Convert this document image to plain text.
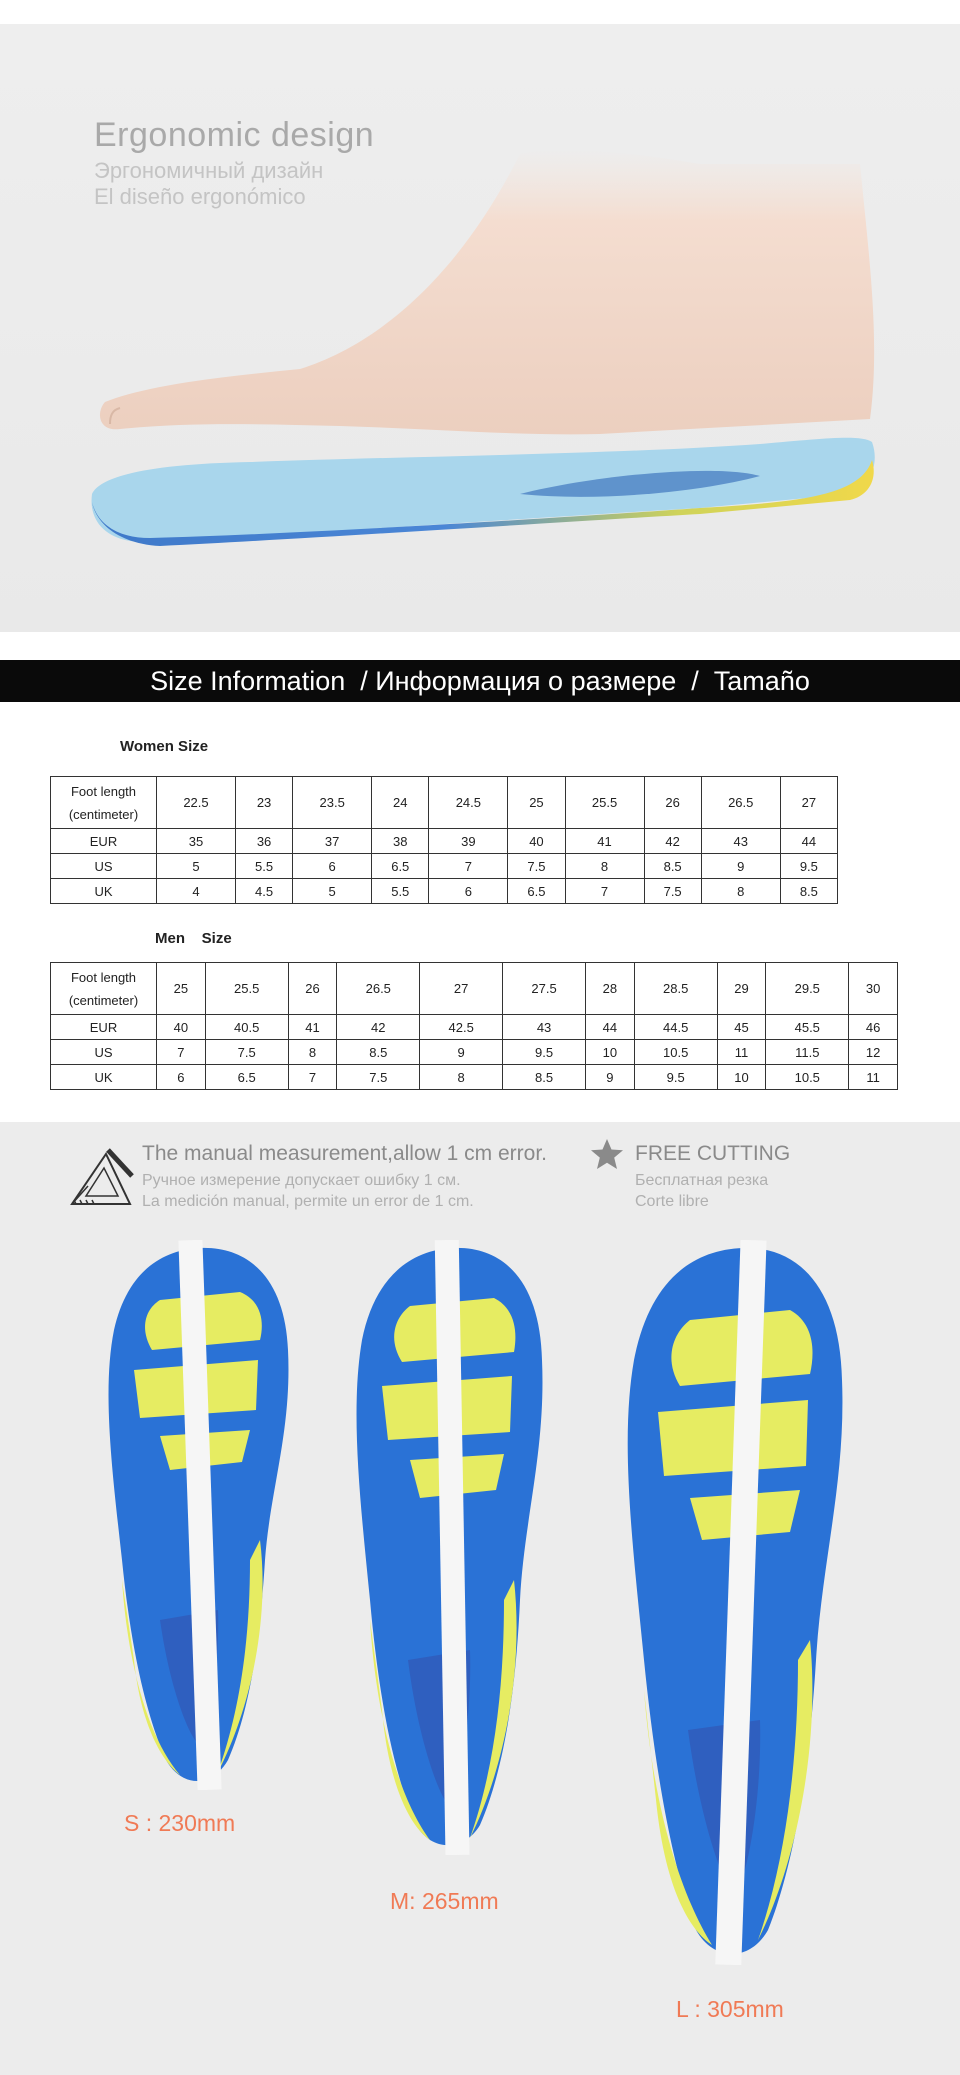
Ergonomic design
Эргономичный дизайн
El diseño ergonómico
Size Information  / Информация о размере  /  Tamaño
Women Size
Foot length
(centimeter)	22.5	23	23.5	24	24.5	25	25.5	26	26.5	27
EUR	35	36	37	38	39	40	41	42	43	44
US	5	5.5	6	6.5	7	7.5	8	8.5	9	9.5
UK	4	4.5	5	5.5	6	6.5	7	7.5	8	8.5
Men    Size
Foot length
(centimeter)	25	25.5	26	26.5	27	27.5	28	28.5	29	29.5	30
EUR	40	40.5	41	42	42.5	43	44	44.5	45	45.5	46
US	7	7.5	8	8.5	9	9.5	10	10.5	11	11.5	12
UK	6	6.5	7	7.5	8	8.5	9	9.5	10	10.5	11
The manual measurement,allow 1 cm error.
Ручное измерение допускает ошибку 1 см.
La medición manual, permite un error de 1 cm.
FREE CUTTING
Бесплатная резка
Corte libre
S : 230mm
M: 265mm
L : 305mm
